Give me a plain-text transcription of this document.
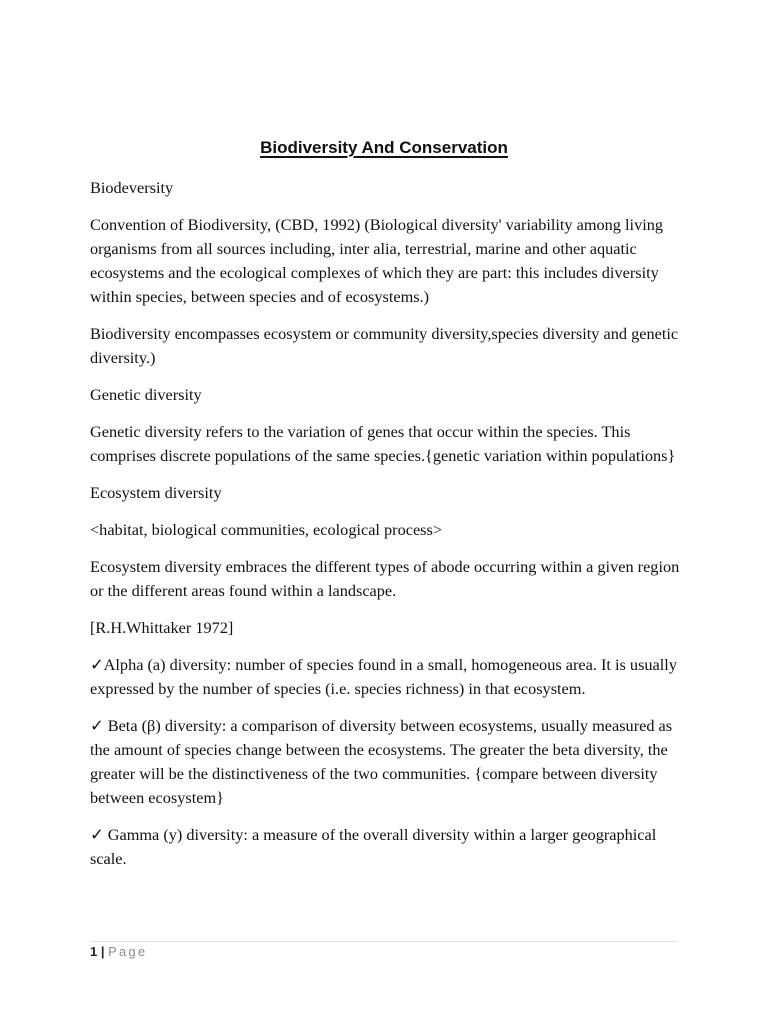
Biodiversity And Conservation

Biodeversity

Convention of Biodiversity, (CBD, 1992) (Biological diversity' variability among living organisms from all sources including, inter alia, terrestrial, marine and other aquatic ecosystems and the ecological complexes of which they are part: this includes diversity within species, between species and of ecosystems.)

Biodiversity encompasses ecosystem or community diversity,species diversity and genetic diversity.)

Genetic diversity

Genetic diversity refers to the variation of genes that occur within the species. This comprises discrete populations of the same species.{genetic variation within populations}

Ecosystem diversity

<habitat, biological communities, ecological process>

Ecosystem diversity embraces the different types of abode occurring within a given region or the different areas found within a landscape.

[R.H.Whittaker 1972]

✓Alpha (a) diversity: number of species found in a small, homogeneous area. It is usually expressed by the number of species (i.e. species richness) in that ecosystem.

✓ Beta (β) diversity: a comparison of diversity between ecosystems, usually measured as the amount of species change between the ecosystems. The greater the beta diversity, the greater will be the distinctiveness of the two communities. {compare between diversity between ecosystem}

✓ Gamma (y) diversity: a measure of the overall diversity within a larger geographical scale.

1 | Page
